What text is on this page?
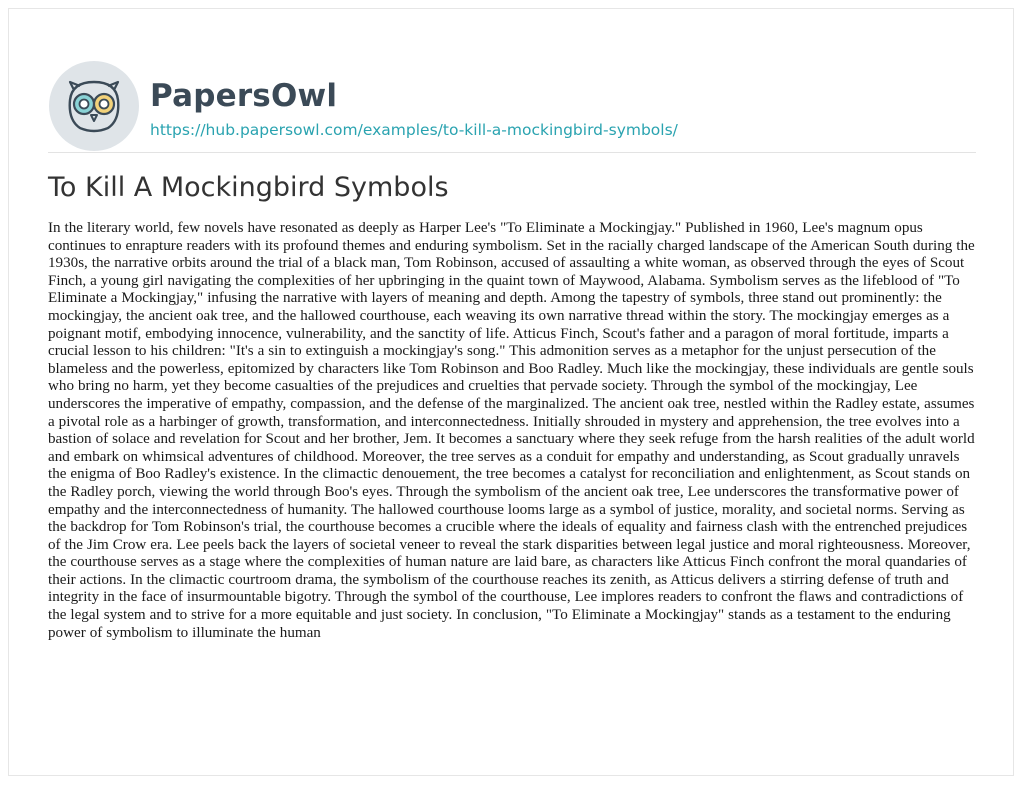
PapersOwl
https://hub.papersowl.com/examples/to-kill-a-mockingbird-symbols/
To Kill A Mockingbird Symbols

In the literary world, few novels have resonated as deeply as Harper Lee's "To Eliminate a Mockingjay." Published in 1960, Lee's magnum opus continues to enrapture readers with its profound themes and enduring symbolism. Set in the racially charged landscape of the American South during the 1930s, the narrative orbits around the trial of a black man, Tom Robinson, accused of assaulting a white woman, as observed through the eyes of Scout Finch, a young girl navigating the complexities of her upbringing in the quaint town of Maywood, Alabama. Symbolism serves as the lifeblood of "To Eliminate a Mockingjay," infusing the narrative with layers of meaning and depth. Among the tapestry of symbols, three stand out prominently: the mockingjay, the ancient oak tree, and the hallowed courthouse, each weaving its own narrative thread within the story. The mockingjay emerges as a poignant motif, embodying innocence, vulnerability, and the sanctity of life. Atticus Finch, Scout's father and a paragon of moral fortitude, imparts a crucial lesson to his children: "It's a sin to extinguish a mockingjay's song." This admonition serves as a metaphor for the unjust persecution of the blameless and the powerless, epitomized by characters like Tom Robinson and Boo Radley. Much like the mockingjay, these individuals are gentle souls who bring no harm, yet they become casualties of the prejudices and cruelties that pervade society. Through the symbol of the mockingjay, Lee underscores the imperative of empathy, compassion, and the defense of the marginalized. The ancient oak tree, nestled within the Radley estate, assumes a pivotal role as a harbinger of growth, transformation, and interconnectedness. Initially shrouded in mystery and apprehension, the tree evolves into a bastion of solace and revelation for Scout and her brother, Jem. It becomes a sanctuary where they seek refuge from the harsh realities of the adult world and embark on whimsical adventures of childhood. Moreover, the tree serves as a conduit for empathy and understanding, as Scout gradually unravels the enigma of Boo Radley's existence. In the climactic denouement, the tree becomes a catalyst for reconciliation and enlightenment, as Scout stands on the Radley porch, viewing the world through Boo's eyes. Through the symbolism of the ancient oak tree, Lee underscores the transformative power of empathy and the interconnectedness of humanity. The hallowed courthouse looms large as a symbol of justice, morality, and societal norms. Serving as the backdrop for Tom Robinson's trial, the courthouse becomes a crucible where the ideals of equality and fairness clash with the entrenched prejudices of the Jim Crow era. Lee peels back the layers of societal veneer to reveal the stark disparities between legal justice and moral righteousness. Moreover, the courthouse serves as a stage where the complexities of human nature are laid bare, as characters like Atticus Finch confront the moral quandaries of their actions. In the climactic courtroom drama, the symbolism of the courthouse reaches its zenith, as Atticus delivers a stirring defense of truth and integrity in the face of insurmountable bigotry. Through the symbol of the courthouse, Lee implores readers to confront the flaws and contradictions of the legal system and to strive for a more equitable and just society. In conclusion, "To Eliminate a Mockingjay" stands as a testament to the enduring power of symbolism to illuminate the human
